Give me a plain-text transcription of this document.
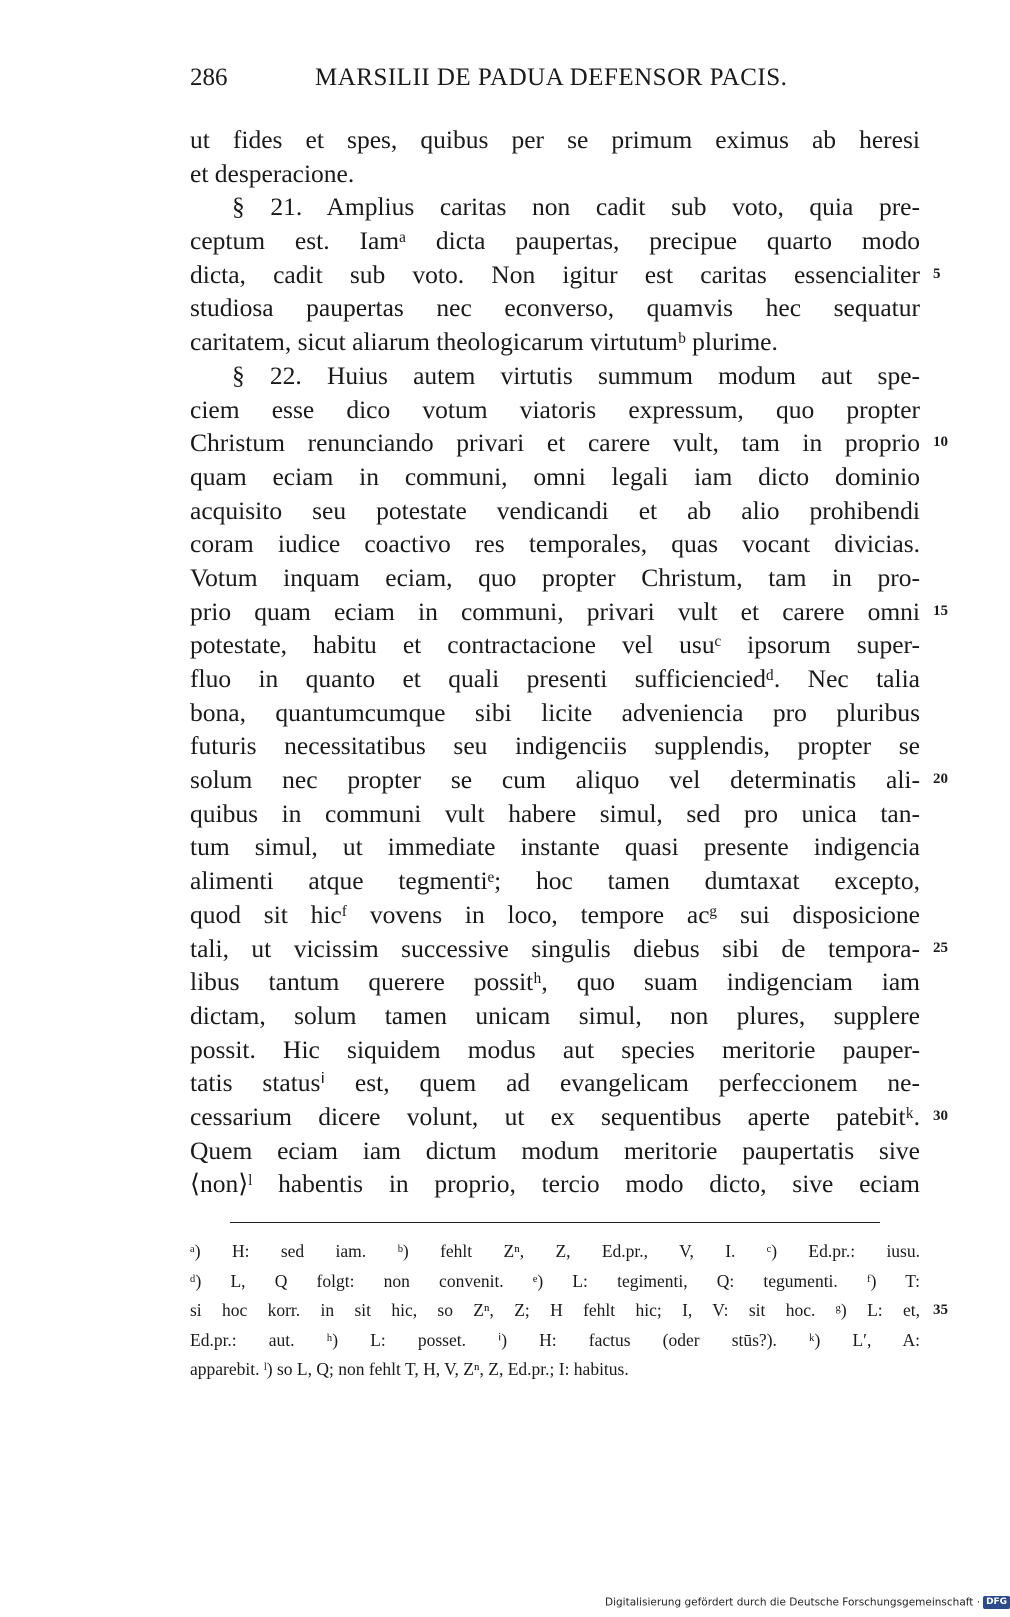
286	MARSILII DE PADUA DEFENSOR PACIS.
ut fides et spes, quibus per se primum eximus ab heresi
et desperacione.
§ 21. Amplius caritas non cadit sub voto, quia pre-
ceptum est. Iamᵃ dicta paupertas, precipue quarto modo
dicta, cadit sub voto. Non igitur est caritas essencialiter 5
studiosa paupertas nec econverso, quamvis hec sequatur
caritatem, sicut aliarum theologicarum virtutumᵇ plurime.
§ 22. Huius autem virtutis summum modum aut spe-
ciem esse dico votum viatoris expressum, quo propter
Christum renunciando privari et carere vult, tam in proprio 10
quam eciam in communi, omni legali iam dicto dominio
acquisito seu potestate vendicandi et ab alio prohibendi
coram iudice coactivo res temporales, quas vocant divicias.
Votum inquam eciam, quo propter Christum, tam in pro-
prio quam eciam in communi, privari vult et carere omni 15
potestate, habitu et contractacione vel usuᶜ ipsorum super-
fluo in quanto et quali presenti sufficienciedᵈ. Nec talia
bona, quantumcumque sibi licite adveniencia pro pluribus
futuris necessitatibus seu indigenciis supplendis, propter se
solum nec propter se cum aliquo vel determinatis ali- 20
quibus in communi vult habere simul, sed pro unica tan-
tum simul, ut immediate instante quasi presente indigencia
alimenti atque tegmentiᵉ; hoc tamen dumtaxat excepto,
quod sit hicᶠ vovens in loco, tempore acᵍ sui disposicione
tali, ut vicissim successive singulis diebus sibi de tempora- 25
libus tantum querere possitʰ, quo suam indigenciam iam
dictam, solum tamen unicam simul, non plures, supplere
possit. Hic siquidem modus aut species meritorie pauper-
tatis statusⁱ est, quem ad evangelicam perfeccionem ne-
cessarium dicere volunt, ut ex sequentibus aperte patebitᵏ. 30
Quem eciam iam dictum modum meritorie paupertatis sive
⟨non⟩ˡ habentis in proprio, tercio modo dicto, sive eciam
ᵃ) H: sed iam. ᵇ) fehlt Zⁿ, Z, Ed.pr., V, I. ᶜ) Ed.pr.: iusu.
ᵈ) L, Q folgt: non convenit. ᵉ) L: tegimenti, Q: tegumenti. ᶠ) T:
si hoc korr. in sit hic, so Zⁿ, Z; H fehlt hic; I, V: sit hoc. ᵍ) L: et, 35
Ed.pr.: aut. ʰ) L: posset. ⁱ) H: factus (oder stūs?). ᵏ) L′, A:
apparebit. ˡ) so L, Q; non fehlt T, H, V, Zⁿ, Z, Ed.pr.; I: habitus.
Digitalisierung gefördert durch die Deutsche Forschungsgemeinschaft · DFG
